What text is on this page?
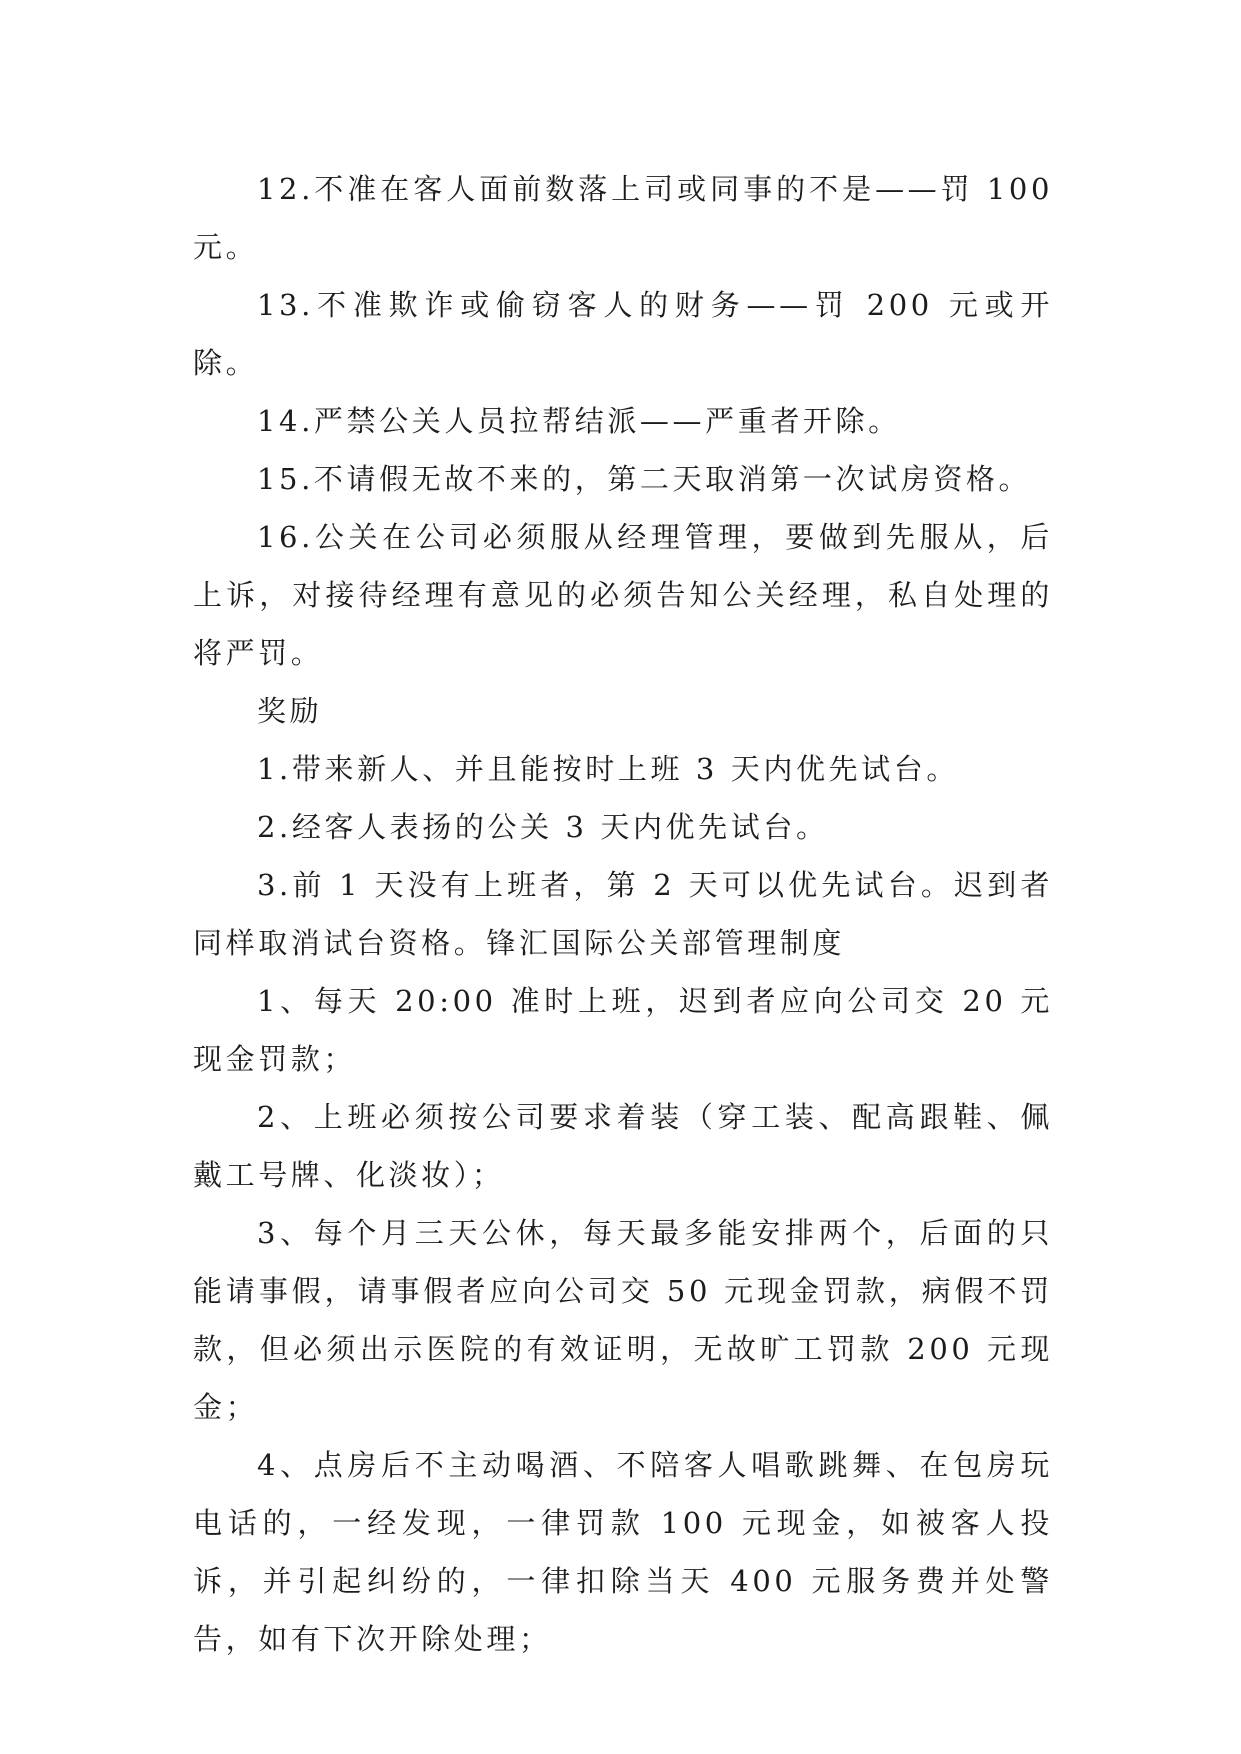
12.不准在客人面前数落上司或同事的不是——罚 100 元。

13.不准欺诈或偷窃客人的财务——罚 200 元或开除。

14.严禁公关人员拉帮结派——严重者开除。

15.不请假无故不来的，第二天取消第一次试房资格。

16.公关在公司必须服从经理管理，要做到先服从，后上诉，对接待经理有意见的必须告知公关经理，私自处理的将严罚。

奖励

1.带来新人、并且能按时上班 3 天内优先试台。

2.经客人表扬的公关 3 天内优先试台。

3.前 1 天没有上班者，第 2 天可以优先试台。迟到者同样取消试台资格。锋汇国际公关部管理制度

1、每天 20:00 准时上班，迟到者应向公司交 20 元现金罚款；

2、上班必须按公司要求着装（穿工装、配高跟鞋、佩戴工号牌、化淡妆）；

3、每个月三天公休，每天最多能安排两个，后面的只能请事假，请事假者应向公司交 50 元现金罚款，病假不罚款，但必须出示医院的有效证明，无故旷工罚款 200 元现金；

4、点房后不主动喝酒、不陪客人唱歌跳舞、在包房玩电话的，一经发现，一律罚款 100 元现金，如被客人投诉，并引起纠纷的，一律扣除当天 400 元服务费并处警告，如有下次开除处理；
